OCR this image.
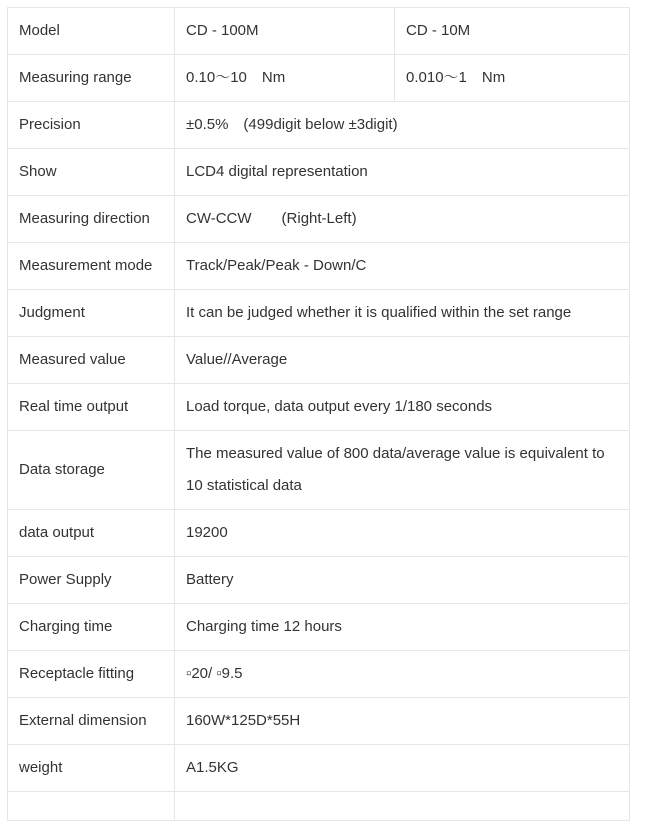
Model	CD - 100M	CD - 10M
Measuring range	0.10～10　Nm	0.010～1　Nm
Precision	±0.5%　(499digit below ±3digit)	
Show	LCD4 digital representation	
Measuring direction	CW-CCW　　(Right-Left)	
Measurement mode	Track/Peak/Peak - Down/C	
Judgment	It can be judged whether it is qualified within the set range	
Measured value	Value//Average	
Real time output	Load torque, data output every 1/180 seconds	
Data storage	The measured value of 800 data/average value is equivalent to 10 statistical data	
data output	19200	
Power Supply	Battery	
Charging time	Charging time 12 hours	
Receptacle fitting	▫20/ ▫9.5	
External dimension	160W*125D*55H	
weight	A1.5KG	
